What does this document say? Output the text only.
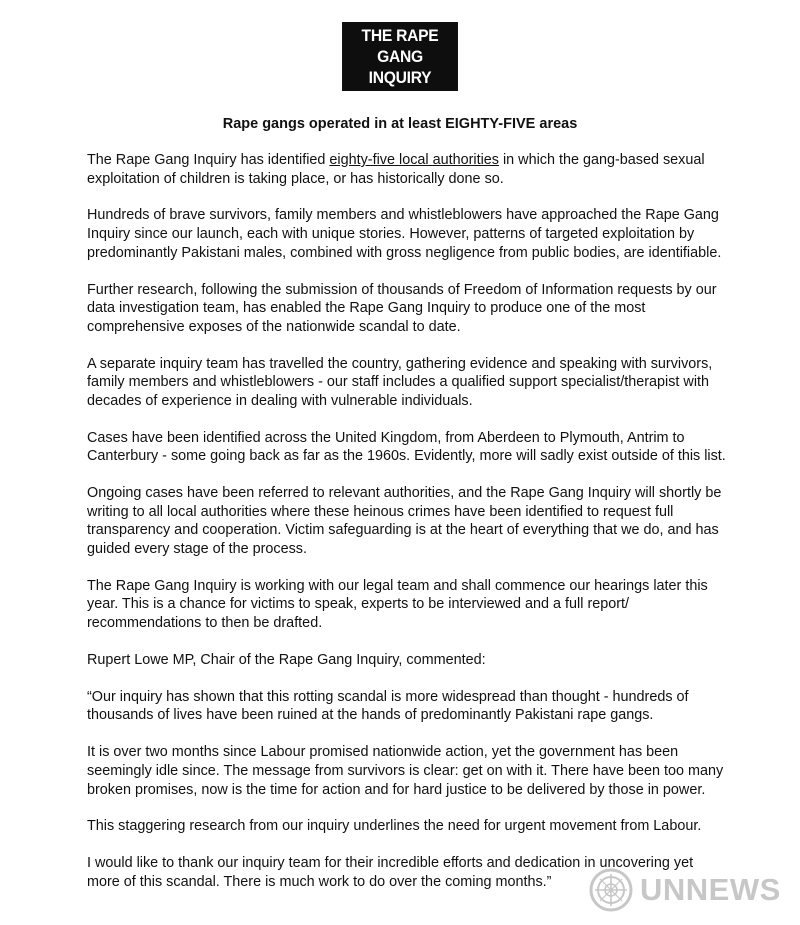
THE RAPE GANG
INQUIRY
Rape gangs operated in at least EIGHTY-FIVE areas

The Rape Gang Inquiry has identified eighty-five local authorities in which the gang-based sexual exploitation of children is taking place, or has historically done so.

Hundreds of brave survivors, family members and whistleblowers have approached the Rape Gang Inquiry since our launch, each with unique stories. However, patterns of targeted exploitation by predominantly Pakistani males, combined with gross negligence from public bodies, are identifiable.

Further research, following the submission of thousands of Freedom of Information requests by our data investigation team, has enabled the Rape Gang Inquiry to produce one of the most comprehensive exposes of the nationwide scandal to date.

A separate inquiry team has travelled the country, gathering evidence and speaking with survivors, family members and whistleblowers - our staff includes a qualified support specialist/therapist with decades of experience in dealing with vulnerable individuals.

Cases have been identified across the United Kingdom, from Aberdeen to Plymouth, Antrim to Canterbury - some going back as far as the 1960s. Evidently, more will sadly exist outside of this list.

Ongoing cases have been referred to relevant authorities, and the Rape Gang Inquiry will shortly be writing to all local authorities where these heinous crimes have been identified to request full transparency and cooperation. Victim safeguarding is at the heart of everything that we do, and has guided every stage of the process.

The Rape Gang Inquiry is working with our legal team and shall commence our hearings later this year. This is a chance for victims to speak, experts to be interviewed and a full report/ recommendations to then be drafted.

Rupert Lowe MP, Chair of the Rape Gang Inquiry, commented:

“Our inquiry has shown that this rotting scandal is more widespread than thought - hundreds of thousands of lives have been ruined at the hands of predominantly Pakistani rape gangs.

It is over two months since Labour promised nationwide action, yet the government has been seemingly idle since. The message from survivors is clear: get on with it. There have been too many broken promises, now is the time for action and for hard justice to be delivered by those in power.

This staggering research from our inquiry underlines the need for urgent movement from Labour.

I would like to thank our inquiry team for their incredible efforts and dedication in uncovering yet more of this scandal. There is much work to do over the coming months.”	UNNEWS
